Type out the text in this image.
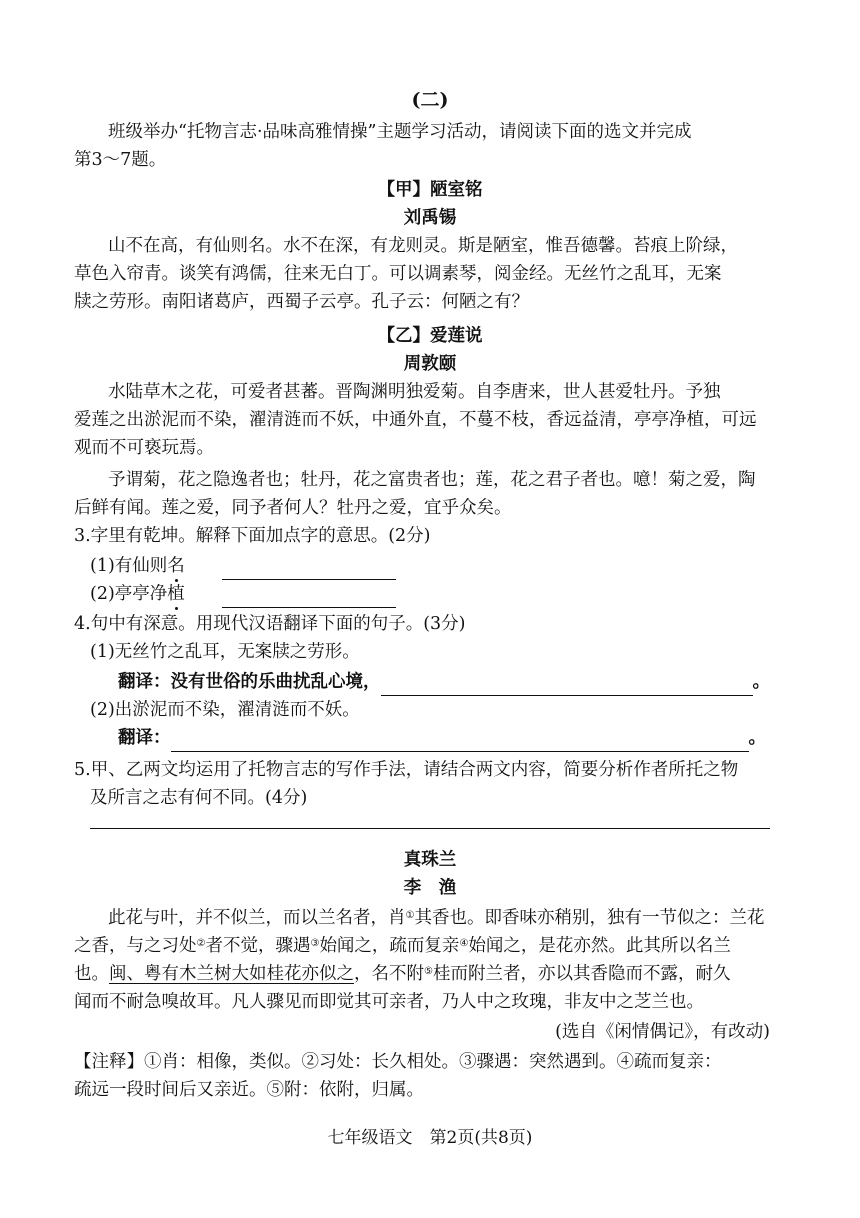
(二)
班级举办“托物言志·品味高雅情操”主题学习活动，请阅读下面的选文并完成
第3～7题。
【甲】陋室铭
刘禹锡
山不在高，有仙则名。水不在深，有龙则灵。斯是陋室，惟吾德馨。苔痕上阶绿，
草色入帘青。谈笑有鸿儒，往来无白丁。可以调素琴，阅金经。无丝竹之乱耳，无案
牍之劳形。南阳诸葛庐，西蜀子云亭。孔子云：何陋之有？
【乙】爱莲说
周敦颐
水陆草木之花，可爱者甚蕃。晋陶渊明独爱菊。自李唐来，世人甚爱牡丹。予独
爱莲之出淤泥而不染，濯清涟而不妖，中通外直，不蔓不枝，香远益清，亭亭净植，可远
观而不可亵玩焉。
予谓菊，花之隐逸者也；牡丹，花之富贵者也；莲，花之君子者也。噫！菊之爱，陶
后鲜有闻。莲之爱，同予者何人？牡丹之爱，宜乎众矣。
3.字里有乾坤。解释下面加点字的意思。(2分)
(1)有仙则名
(2)亭亭净植
4.句中有深意。用现代汉语翻译下面的句子。(3分)
(1)无丝竹之乱耳，无案牍之劳形。
翻译：没有世俗的乐曲扰乱心境，	。
(2)出淤泥而不染，濯清涟而不妖。
翻译：	。
5.甲、乙两文均运用了托物言志的写作手法，请结合两文内容，简要分析作者所托之物
及所言之志有何不同。(4分)
真珠兰
李　渔
此花与叶，并不似兰，而以兰名者，肖①其香也。即香味亦稍别，独有一节似之：兰花
之香，与之习处②者不觉，骤遇③始闻之，疏而复亲④始闻之，是花亦然。此其所以名兰
也。闽、粤有木兰树大如桂花亦似之，名不附⑤桂而附兰者，亦以其香隐而不露，耐久
闻而不耐急嗅故耳。凡人骤见而即觉其可亲者，乃人中之玫瑰，非友中之芝兰也。
(选自《闲情偶记》，有改动)
【注释】①肖：相像，类似。②习处：长久相处。③骤遇：突然遇到。④疏而复亲：
疏远一段时间后又亲近。⑤附：依附，归属。
七年级语文　第2页(共8页)
